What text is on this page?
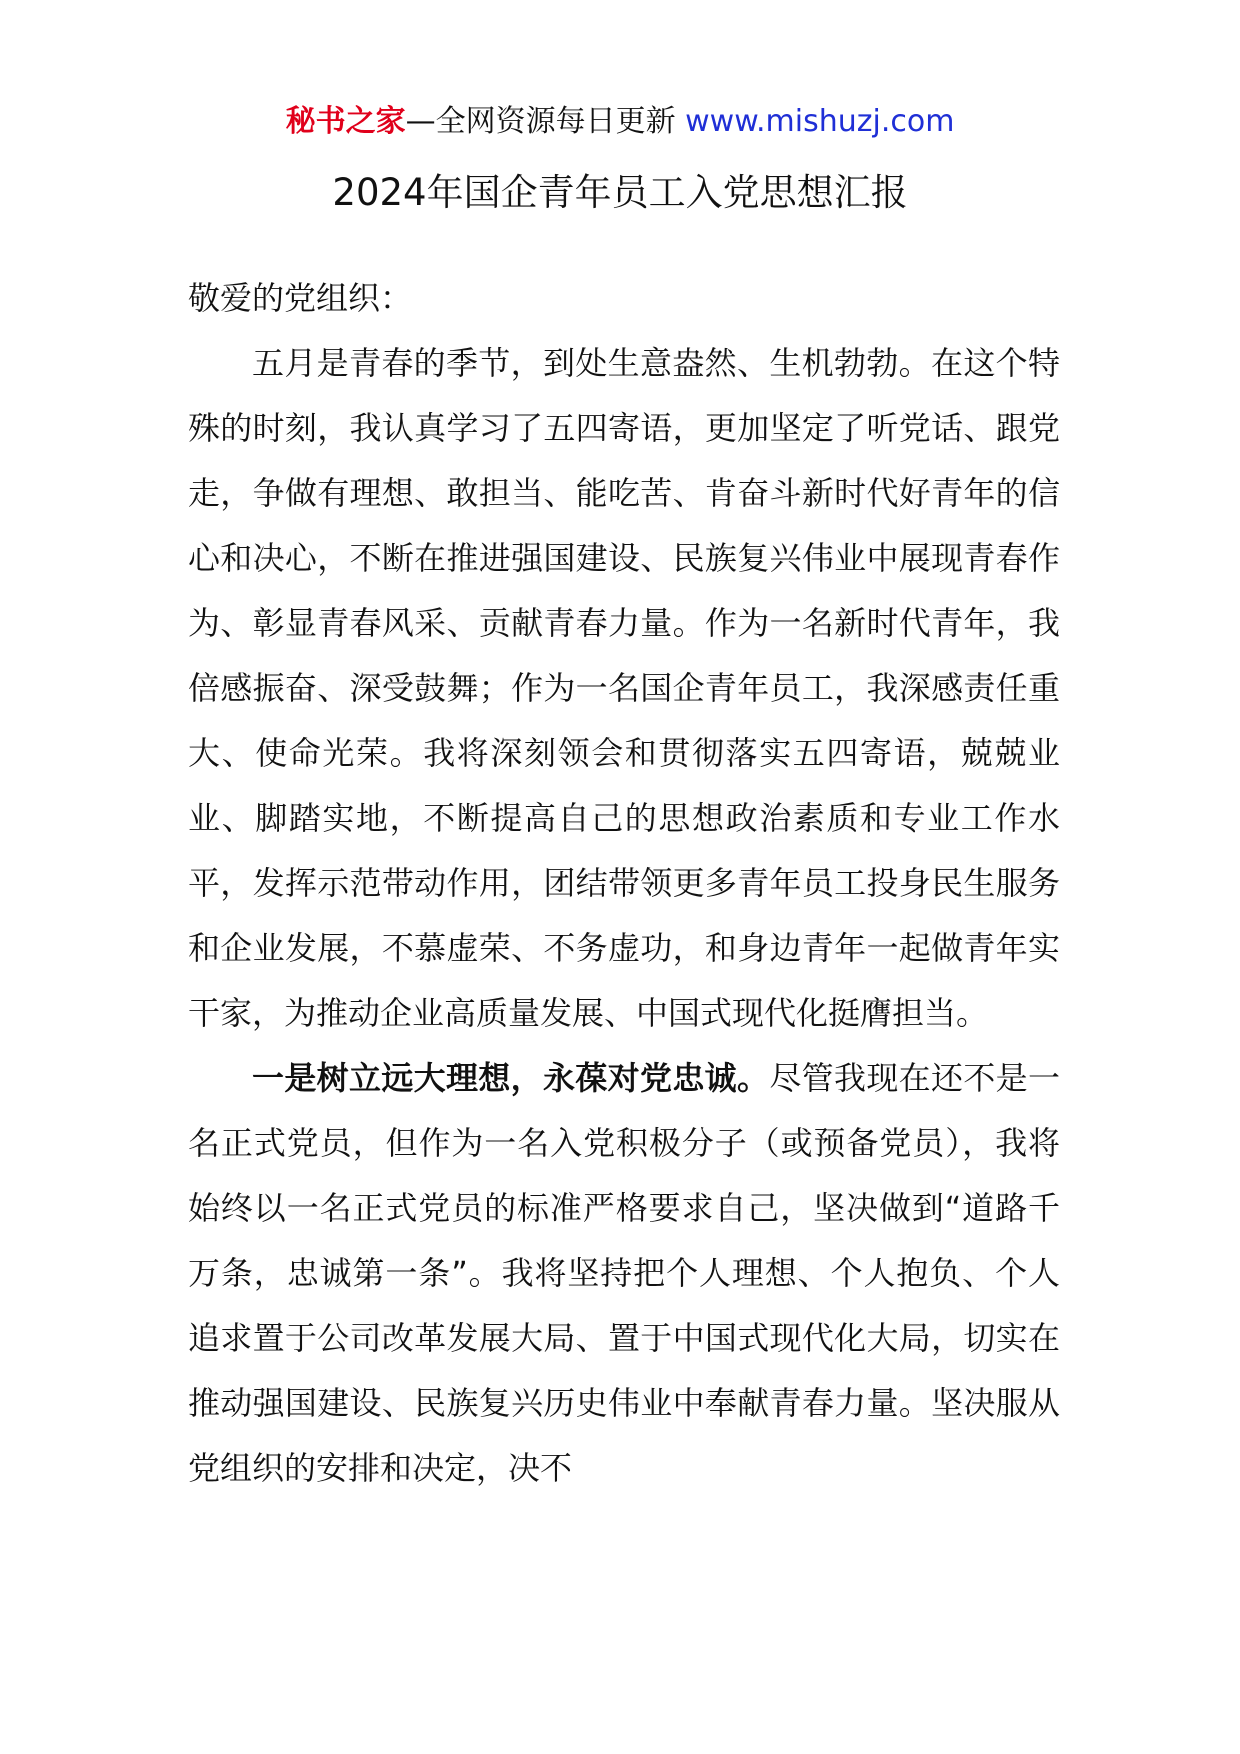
秘书之家—全网资源每日更新 www.mishuzj.com
2024年国企青年员工入党思想汇报

敬爱的党组织：

五月是青春的季节，到处生意盎然、生机勃勃。在这个特殊的时刻，我认真学习了五四寄语，更加坚定了听党话、跟党走，争做有理想、敢担当、能吃苦、肯奋斗新时代好青年的信心和决心，不断在推进强国建设、民族复兴伟业中展现青春作为、彰显青春风采、贡献青春力量。作为一名新时代青年，我倍感振奋、深受鼓舞；作为一名国企青年员工，我深感责任重大、使命光荣。我将深刻领会和贯彻落实五四寄语，兢兢业业、脚踏实地，不断提高自己的思想政治素质和专业工作水平，发挥示范带动作用，团结带领更多青年员工投身民生服务和企业发展，不慕虚荣、不务虚功，和身边青年一起做青年实干家，为推动企业高质量发展、中国式现代化挺膺担当。

一是树立远大理想，永葆对党忠诚。尽管我现在还不是一名正式党员，但作为一名入党积极分子（或预备党员），我将始终以一名正式党员的标准严格要求自己，坚决做到“道路千万条，忠诚第一条”。我将坚持把个人理想、个人抱负、个人追求置于公司改革发展大局、置于中国式现代化大局，切实在推动强国建设、民族复兴历史伟业中奉献青春力量。坚决服从党组织的安排和决定，决不
